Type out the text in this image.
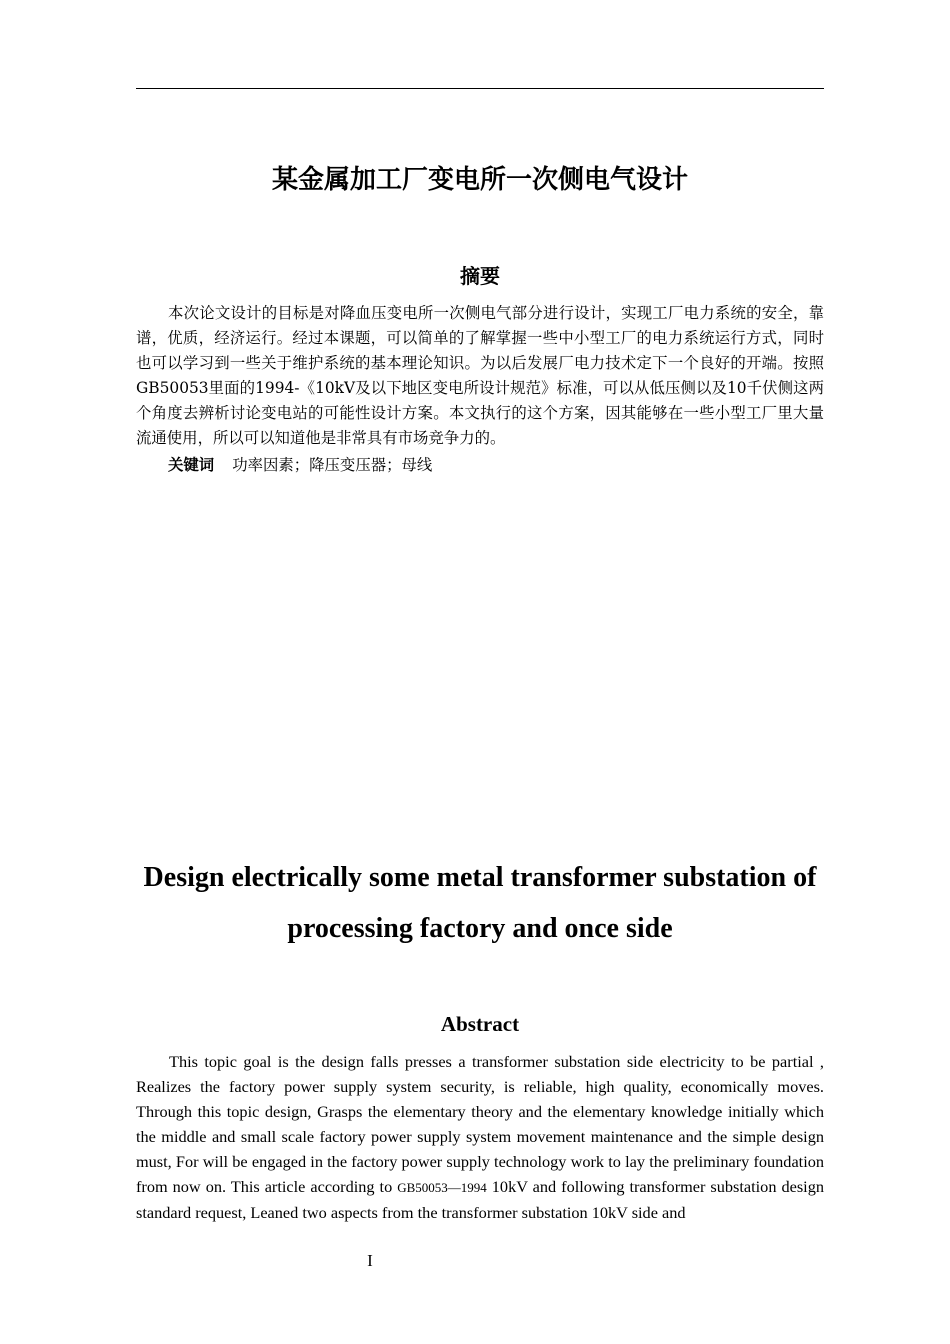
某金属加工厂变电所一次侧电气设计
摘要

本次论文设计的目标是对降血压变电所一次侧电气部分进行设计，实现工厂电力系统的安全，靠谱，优质，经济运行。经过本课题，可以简单的了解掌握一些中小型工厂的电力系统运行方式，同时也可以学习到一些关于维护系统的基本理论知识。为以后发展厂电力技术定下一个良好的开端。按照GB50053里面的1994-《10kV及以下地区变电所设计规范》标准，可以从低压侧以及10千伏侧这两个角度去辨析讨论变电站的可能性设计方案。本文执行的这个方案，因其能够在一些小型工厂里大量流通使用，所以可以知道他是非常具有市场竞争力的。

关键词 功率因素；降压变压器；母线
Design electrically some metal transformer substation of processing factory and once side
Abstract

This topic goal is the design falls presses a transformer substation side electricity to be partial , Realizes the factory power supply system security, is reliable, high quality, economically moves. Through this topic design, Grasps the elementary theory and the elementary knowledge initially which the middle and small scale factory power supply system movement maintenance and the simple design must, For will be engaged in the factory power supply technology work to lay the preliminary foundation from now on. This article according to GB50053—1994 10kV and following transformer substation design standard request, Leaned two aspects from the transformer substation 10kV side and

I
